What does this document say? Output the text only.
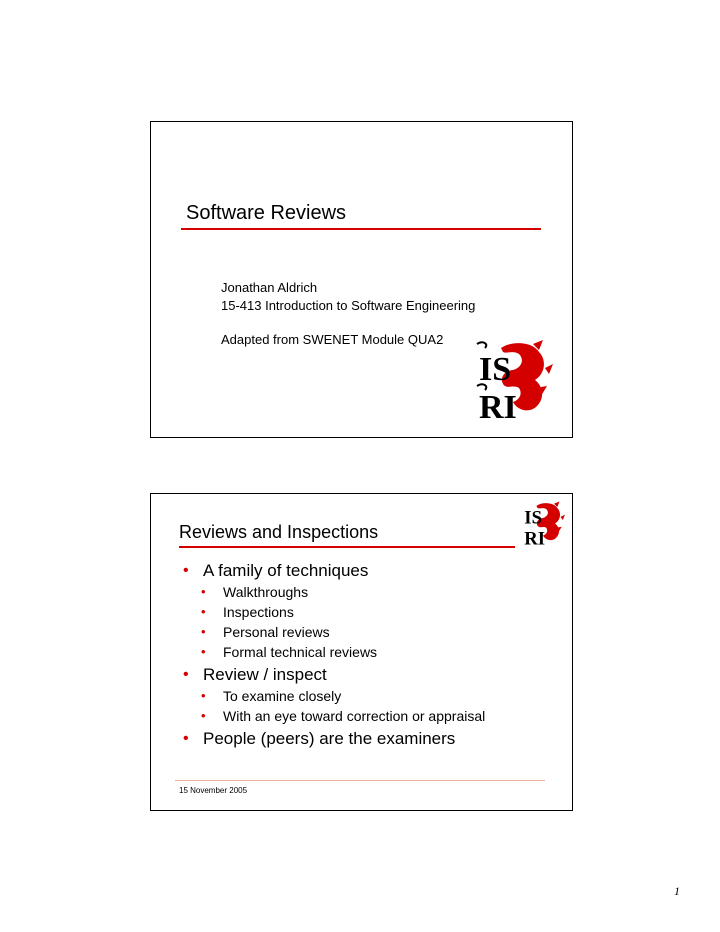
Software Reviews
Jonathan Aldrich
15-413 Introduction to Software Engineering
Adapted from SWENET Module QUA2
IS
RI
Reviews and Inspections
IS
RI
• A family of techniques
• Walkthroughs
• Inspections
• Personal reviews
• Formal technical reviews
• Review / inspect
• To examine closely
• With an eye toward correction or appraisal
• People (peers) are the examiners
15 November 2005
1
